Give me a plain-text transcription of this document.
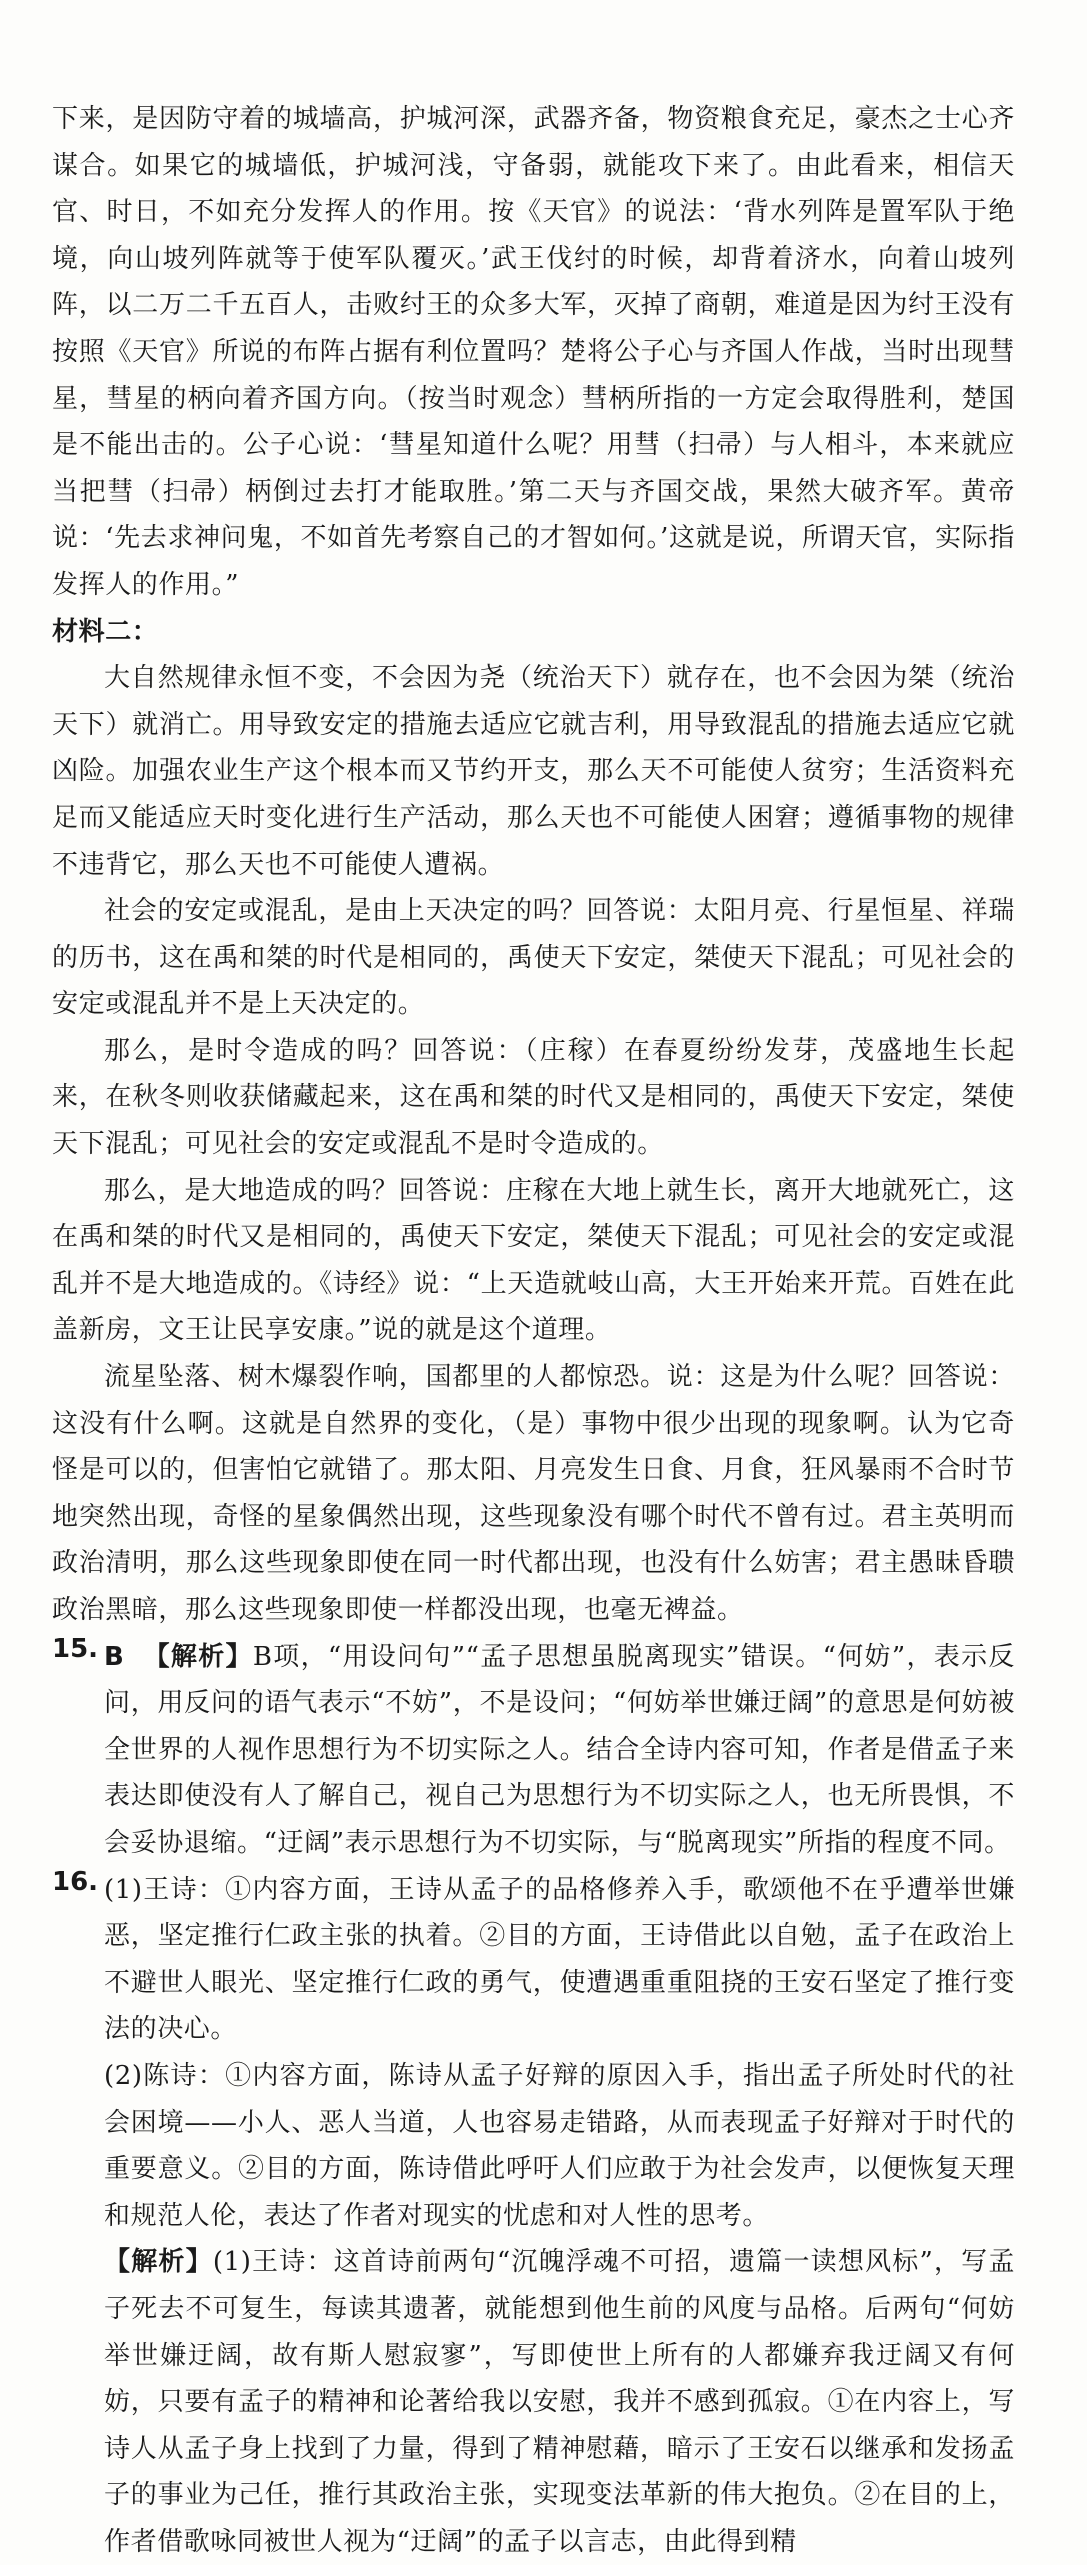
下来，是因防守着的城墙高，护城河深，武器齐备，物资粮食充足，豪杰之士心齐谋合。如果它的城墙低，护城河浅，守备弱，就能攻下来了。由此看来，相信天官、时日，不如充分发挥人的作用。按《天官》的说法：‘背水列阵是置军队于绝境，向山坡列阵就等于使军队覆灭。’武王伐纣的时候，却背着济水，向着山坡列阵，以二万二千五百人，击败纣王的众多大军，灭掉了商朝，难道是因为纣王没有按照《天官》所说的布阵占据有利位置吗？楚将公子心与齐国人作战，当时出现彗星，彗星的柄向着齐国方向。（按当时观念）彗柄所指的一方定会取得胜利，楚国是不能出击的。公子心说：‘彗星知道什么呢？用彗（扫帚）与人相斗，本来就应当把彗（扫帚）柄倒过去打才能取胜。’第二天与齐国交战，果然大破齐军。黄帝说：‘先去求神问鬼，不如首先考察自己的才智如何。’这就是说，所谓天官，实际指发挥人的作用。”

材料二：

大自然规律永恒不变，不会因为尧（统治天下）就存在，也不会因为桀（统治天下）就消亡。用导致安定的措施去适应它就吉利，用导致混乱的措施去适应它就凶险。加强农业生产这个根本而又节约开支，那么天不可能使人贫穷；生活资料充足而又能适应天时变化进行生产活动，那么天也不可能使人困窘；遵循事物的规律不违背它，那么天也不可能使人遭祸。

社会的安定或混乱，是由上天决定的吗？回答说：太阳月亮、行星恒星、祥瑞的历书，这在禹和桀的时代是相同的，禹使天下安定，桀使天下混乱；可见社会的安定或混乱并不是上天决定的。

那么，是时令造成的吗？回答说：（庄稼）在春夏纷纷发芽，茂盛地生长起来，在秋冬则收获储藏起来，这在禹和桀的时代又是相同的，禹使天下安定，桀使天下混乱；可见社会的安定或混乱不是时令造成的。

那么，是大地造成的吗？回答说：庄稼在大地上就生长，离开大地就死亡，这在禹和桀的时代又是相同的，禹使天下安定，桀使天下混乱；可见社会的安定或混乱并不是大地造成的。《诗经》说：“上天造就岐山高，大王开始来开荒。百姓在此盖新房，文王让民享安康。”说的就是这个道理。

流星坠落、树木爆裂作响，国都里的人都惊恐。说：这是为什么呢？回答说：这没有什么啊。这就是自然界的变化，（是）事物中很少出现的现象啊。认为它奇怪是可以的，但害怕它就错了。那太阳、月亮发生日食、月食，狂风暴雨不合时节地突然出现，奇怪的星象偶然出现，这些现象没有哪个时代不曾有过。君主英明而政治清明，那么这些现象即使在同一时代都出现，也没有什么妨害；君主愚昧昏聩政治黑暗，那么这些现象即使一样都没出现，也毫无裨益。

15. B 【解析】B项，“用设问句”“孟子思想虽脱离现实”错误。“何妨”，表示反问，用反问的语气表示“不妨”，不是设问；“何妨举世嫌迂阔”的意思是何妨被全世界的人视作思想行为不切实际之人。结合全诗内容可知，作者是借孟子来表达即使没有人了解自己，视自己为思想行为不切实际之人，也无所畏惧，不会妥协退缩。“迂阔”表示思想行为不切实际，与“脱离现实”所指的程度不同。

16. (1)王诗：①内容方面，王诗从孟子的品格修养入手，歌颂他不在乎遭举世嫌恶，坚定推行仁政主张的执着。②目的方面，王诗借此以自勉，孟子在政治上不避世人眼光、坚定推行仁政的勇气，使遭遇重重阻挠的王安石坚定了推行变法的决心。

(2)陈诗：①内容方面，陈诗从孟子好辩的原因入手，指出孟子所处时代的社会困境——小人、恶人当道，人也容易走错路，从而表现孟子好辩对于时代的重要意义。②目的方面，陈诗借此呼吁人们应敢于为社会发声，以便恢复天理和规范人伦，表达了作者对现实的忧虑和对人性的思考。

【解析】(1)王诗：这首诗前两句“沉魄浮魂不可招，遗篇一读想风标”，写孟子死去不可复生，每读其遗著，就能想到他生前的风度与品格。后两句“何妨举世嫌迂阔，故有斯人慰寂寥”，写即使世上所有的人都嫌弃我迂阔又有何妨，只要有孟子的精神和论著给我以安慰，我并不感到孤寂。①在内容上，写诗人从孟子身上找到了力量，得到了精神慰藉，暗示了王安石以继承和发扬孟子的事业为己任，推行其政治主张，实现变法革新的伟大抱负。②在目的上，作者借歌咏同被世人视为“迂阔”的孟子以言志，由此得到精
